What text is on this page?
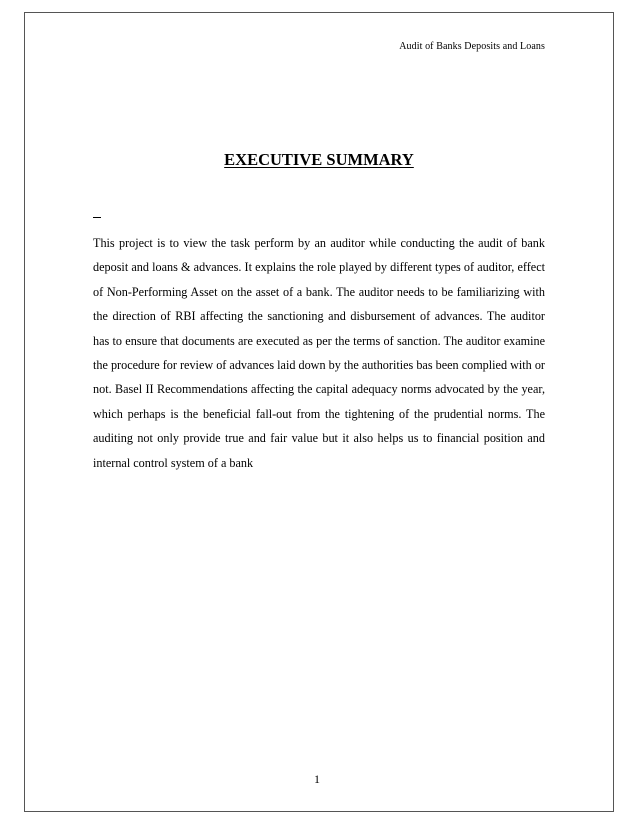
Audit of Banks Deposits and Loans
EXECUTIVE SUMMARY

This project is to view the task perform by an auditor while conducting the audit of bank deposit and loans & advances. It explains the role played by different types of auditor, effect of Non-Performing Asset on the asset of a bank. The auditor needs to be familiarizing with the direction of RBI affecting the sanctioning and disbursement of advances. The auditor has to ensure that documents are executed as per the terms of sanction. The auditor examine the procedure for review of advances laid down by the authorities bas been complied with or not. Basel II Recommendations affecting the capital adequacy norms advocated by the year, which perhaps is the beneficial fall-out from the tightening of the prudential norms. The auditing not only provide true and fair value but it also helps us to financial position and internal control system of a bank

1
